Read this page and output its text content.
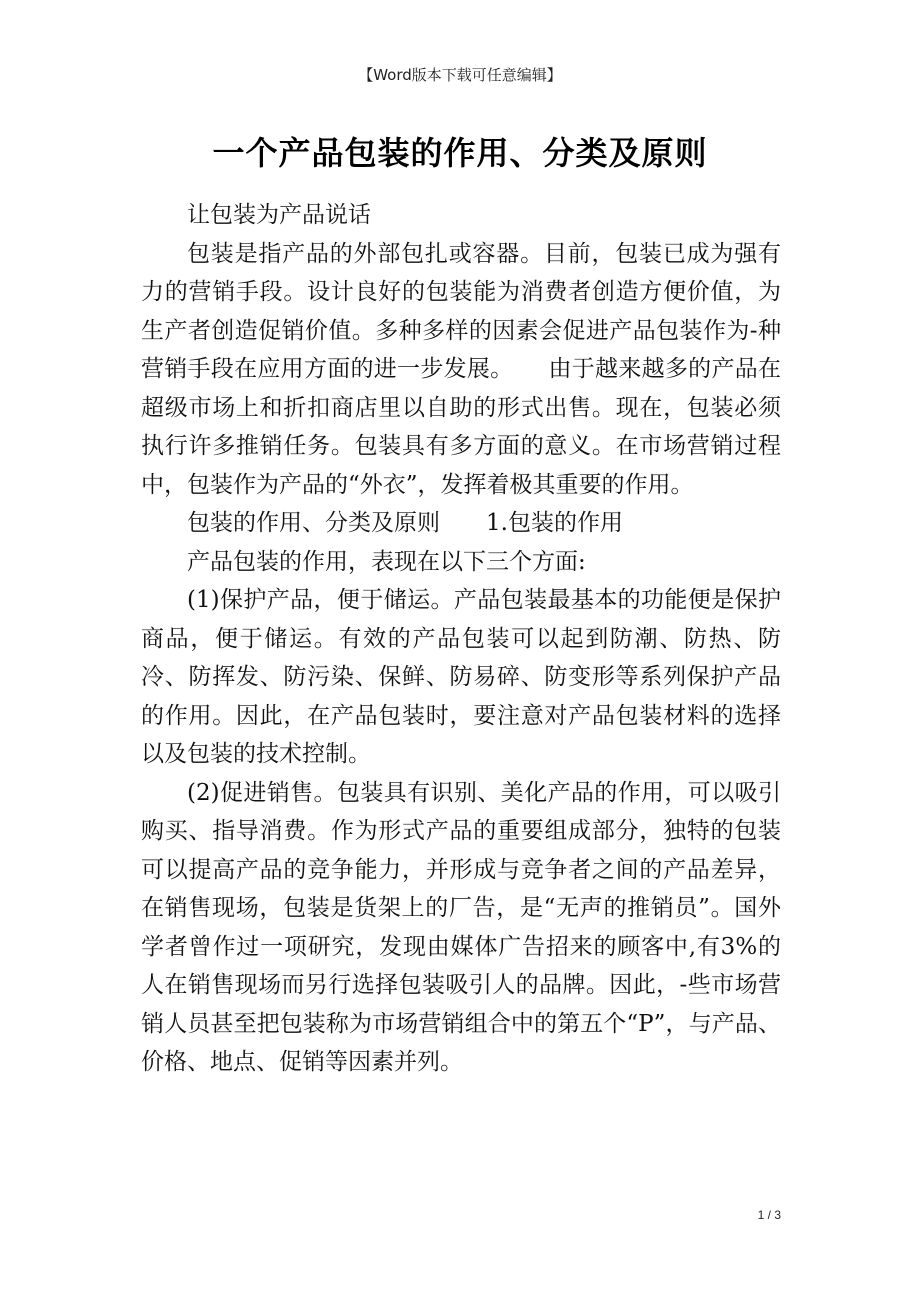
【Word版本下载可任意编辑】
一个产品包装的作用、分类及原则

让包装为产品说话

包装是指产品的外部包扎或容器。目前，包装已成为强有力的营销手段。设计良好的包装能为消费者创造方便价值，为生产者创造促销价值。多种多样的因素会促进产品包装作为-种营销手段在应用方面的进一步发展。　　由于越来越多的产品在超级市场上和折扣商店里以自助的形式出售。现在，包装必须执行许多推销任务。包装具有多方面的意义。在市场营销过程中，包装作为产品的“外衣”，发挥着极其重要的作用。

包装的作用、分类及原则　　1.包装的作用

产品包装的作用，表现在以下三个方面:

(1)保护产品，便于储运。产品包装最基本的功能便是保护商品，便于储运。有效的产品包装可以起到防潮、防热、防冷、防挥发、防污染、保鲜、防易碎、防变形等系列保护产品的作用。因此，在产品包装时，要注意对产品包装材料的选择以及包装的技术控制。

(2)促进销售。包装具有识别、美化产品的作用，可以吸引购买、指导消费。作为形式产品的重要组成部分，独特的包装可以提高产品的竞争能力，并形成与竞争者之间的产品差异，在销售现场，包装是货架上的厂告，是“无声的推销员”。国外学者曾作过一项研究，发现由媒体广告招来的顾客中,有3%的人在销售现场而另行选择包装吸引人的品牌。因此，-些市场营销人员甚至把包装称为市场营销组合中的第五个“P”，与产品、价格、地点、促销等因素并列。

1 / 3
